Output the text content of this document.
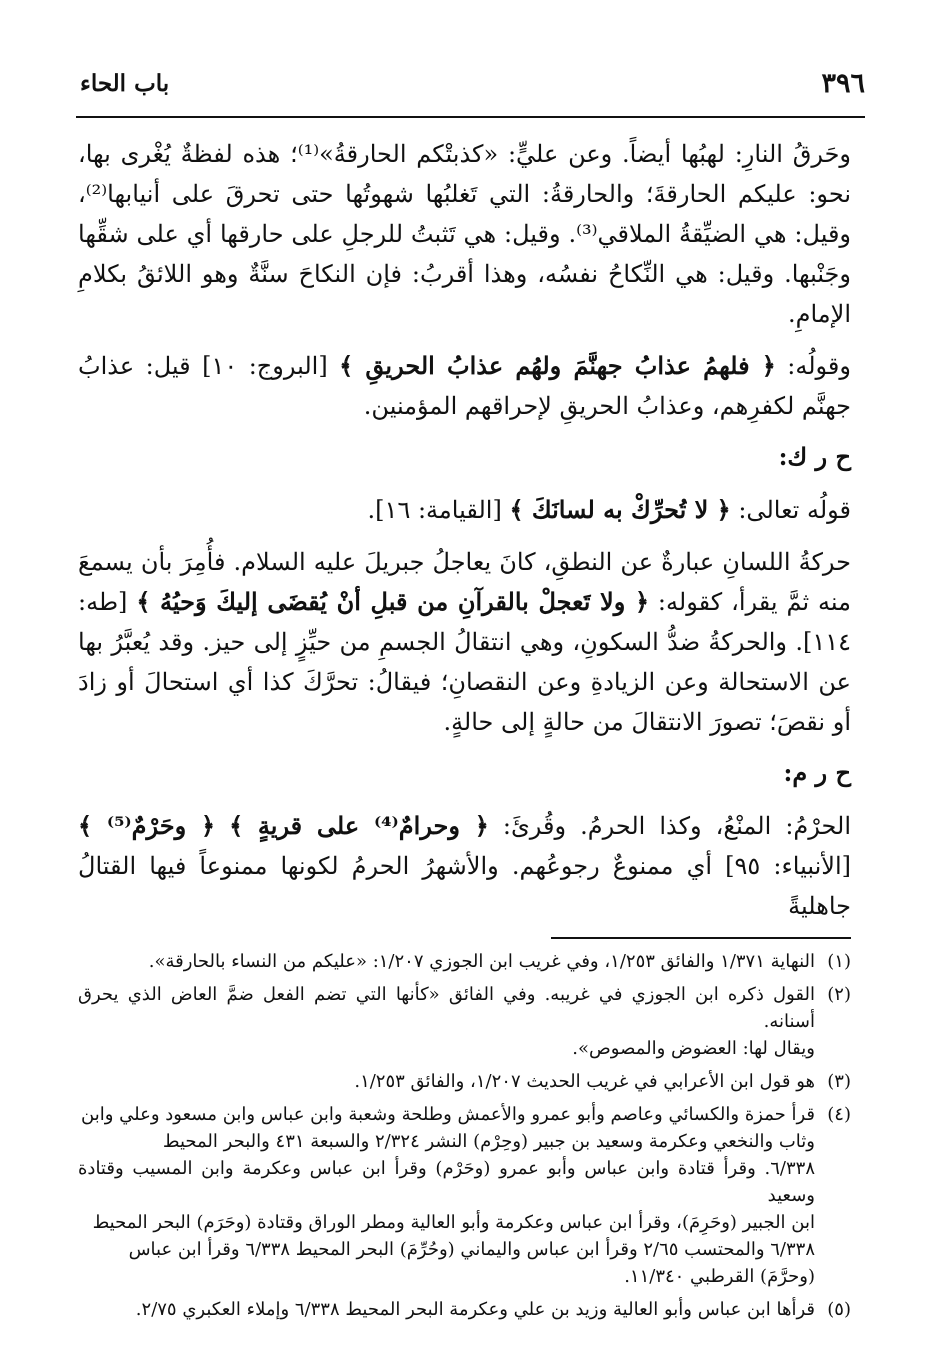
٣٩٦
باب الحاء

وحَرقُ النارِ: لهبُها أيضاً. وعن عليٍّ: «كذبتْكم الحارقةُ»⁽¹⁾؛ هذه لفظةٌ يُغْرى بها، نحو: عليكم الحارقةَ؛ والحارقةُ: التي تَغلبُها شهوتُها حتى تحرقَ على أنيابها⁽²⁾، وقيل: هي الضيِّقةُ الملاقي⁽³⁾. وقيل: هي تَثبتُ للرجلِ على حارقها أي على شقِّها وجَنْبها. وقيل: هي النِّكاحُ نفسُه، وهذا أقربُ: فإن النكاحَ سنَّةٌ وهو اللائقُ بكلامِ الإمامِ.

وقولُه: ﴿ فلهمُ عذابُ جهنَّمَ ولهُم عذابُ الحريقِ ﴾ [البروج: ١٠] قيل: عذابُ جهنَّم لكفرِهم، وعذابُ الحريقِ لإحراقهم المؤمنين.

ح ر ك:

قولُه تعالى: ﴿ لا تُحرِّكْ به لسانَكَ ﴾ [القيامة: ١٦].

حركةُ اللسانِ عبارةٌ عن النطقِ، كانَ يعاجلُ جبريلَ عليه السلام. فأُمِرَ بأن يسمعَ منه ثمَّ يقرأ، كقوله: ﴿ ولا تَعجلْ بالقرآنِ من قبلِ أنْ يُقضَى إليكَ وَحيُهُ ﴾ [طه: ١١٤]. والحركةُ ضدُّ السكونِ، وهي انتقالُ الجسمِ من حيِّزٍ إلى حيز. وقد يُعبَّرُ بها عن الاستحالة وعن الزيادةِ وعن النقصانِ؛ فيقالُ: تحرَّكَ كذا أي استحالَ أو زادَ أو نقصَ؛ تصورَ الانتقالَ من حالةٍ إلى حالةٍ.

ح ر م:

الحرْمُ: المنْعُ، وكذا الحرمُ. وقُرئَ: ﴿ وحرامٌ⁽⁴⁾ على قريةٍ ﴾ ﴿ وحَرْمٌ⁽⁵⁾ ﴾ [الأنبياء: ٩٥] أي ممنوعٌ رجوعُهم. والأشهرُ الحرمُ لكونها ممنوعاً فيها القتالُ جاهليةً

(١)
النهاية ١/٣٧١ والفائق ١/٢٥٣، وفي غريب ابن الجوزي ١/٢٠٧: «عليكم من النساء بالحارقة».
(٢)
القول ذكره ابن الجوزي في غريبه. وفي الفائق «كأنها التي تضم الفعل ضمَّ العاض الذي يحرق أسنانه.
ويقال لها: العضوض والمصوص».
(٣)
هو قول ابن الأعرابي في غريب الحديث ١/٢٠٧، والفائق ١/٢٥٣.
(٤)
قرأ حمزة والكسائي وعاصم وأبو عمرو والأعمش وطلحة وشعبة وابن عباس وابن مسعود وعلي وابن
وثاب والنخعي وعكرمة وسعيد بن جبير (وحِرْم) النشر ٢/٣٢٤ والسبعة ٤٣١ والبحر المحيط
٦/٣٣٨. وقرأ قتادة وابن عباس وأبو عمرو (وحَرْم) وقرأ ابن عباس وعكرمة وابن المسيب وقتادة وسعيد
ابن الجبير (وحَرِمَ)، وقرأ ابن عباس وعكرمة وأبو العالية ومطر الوراق وقتادة (وحَرَم) البحر المحيط
٦/٣٣٨ والمحتسب ٢/٦٥ وقرأ ابن عباس واليماني (وحُرِّمَ) البحر المحيط ٦/٣٣٨ وقرأ ابن عباس
(وحرَّمَ) القرطبي ١١/٣٤٠.
(٥)
قرأها ابن عباس وأبو العالية وزيد بن علي وعكرمة البحر المحيط ٦/٣٣٨ وإملاء العكبري ٢/٧٥.
